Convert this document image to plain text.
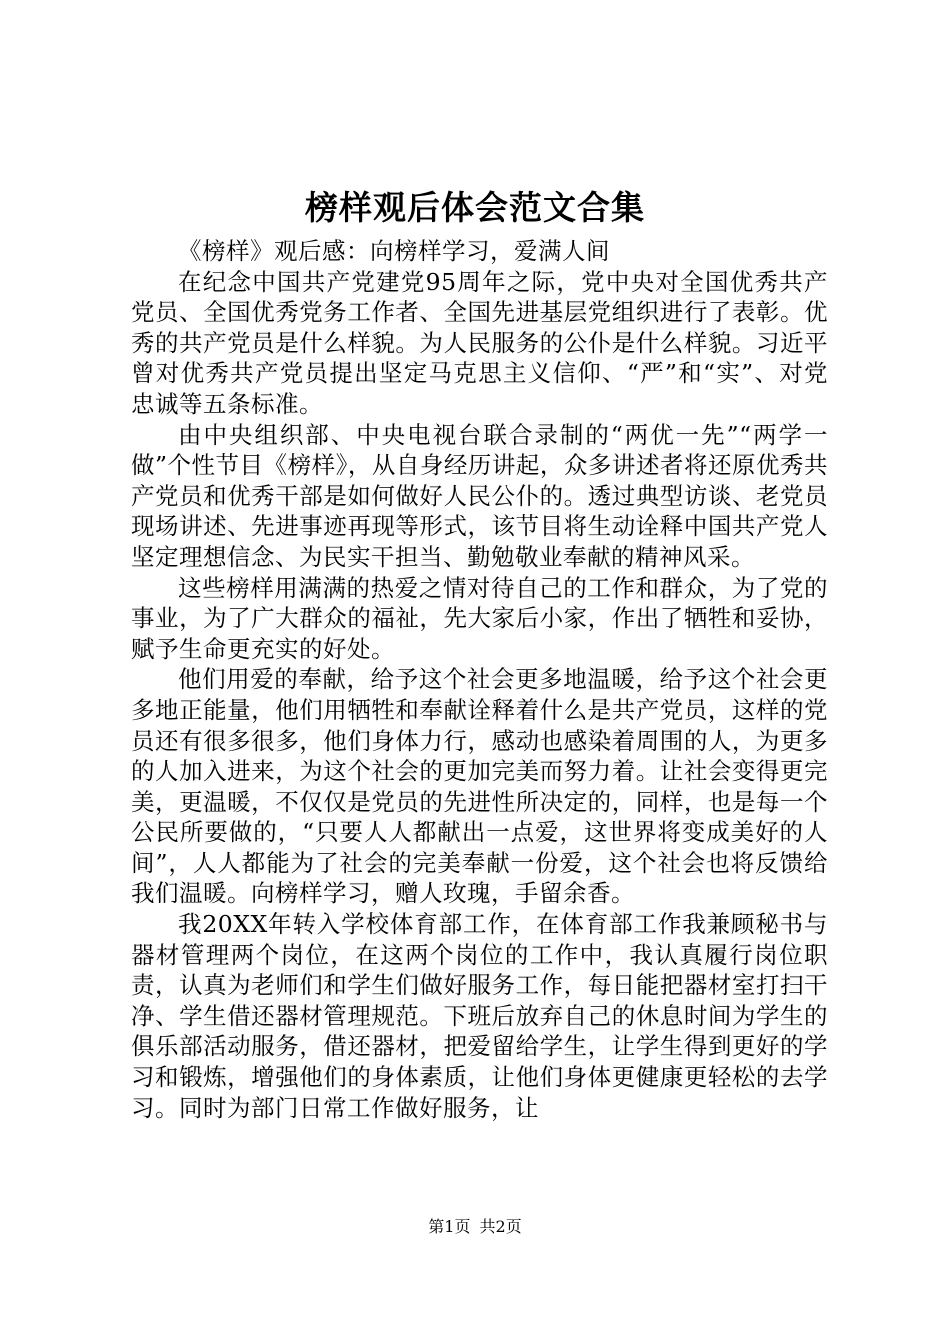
榜样观后体会范文合集

《榜样》观后感：向榜样学习，爱满人间

在纪念中国共产党建党95周年之际，党中央对全国优秀共产党员、全国优秀党务工作者、全国先进基层党组织进行了表彰。优秀的共产党员是什么样貌。为人民服务的公仆是什么样貌。习近平曾对优秀共产党员提出坚定马克思主义信仰、“严”和“实”、对党忠诚等五条标准。

由中央组织部、中央电视台联合录制的“两优一先”“两学一做”个性节目《榜样》，从自身经历讲起，众多讲述者将还原优秀共产党员和优秀干部是如何做好人民公仆的。透过典型访谈、老党员现场讲述、先进事迹再现等形式，该节目将生动诠释中国共产党人坚定理想信念、为民实干担当、勤勉敬业奉献的精神风采。

这些榜样用满满的热爱之情对待自己的工作和群众，为了党的事业，为了广大群众的福祉，先大家后小家，作出了牺牲和妥协，赋予生命更充实的好处。

他们用爱的奉献，给予这个社会更多地温暖，给予这个社会更多地正能量，他们用牺牲和奉献诠释着什么是共产党员，这样的党员还有很多很多，他们身体力行，感动也感染着周围的人，为更多的人加入进来，为这个社会的更加完美而努力着。让社会变得更完美，更温暖，不仅仅是党员的先进性所决定的，同样，也是每一个公民所要做的，“只要人人都献出一点爱，这世界将变成美好的人间”，人人都能为了社会的完美奉献一份爱，这个社会也将反馈给我们温暖。向榜样学习，赠人玫瑰，手留余香。

我20XX年转入学校体育部工作，在体育部工作我兼顾秘书与器材管理两个岗位，在这两个岗位的工作中，我认真履行岗位职责，认真为老师们和学生们做好服务工作，每日能把器材室打扫干净、学生借还器材管理规范。下班后放弃自己的休息时间为学生的俱乐部活动服务，借还器材，把爱留给学生，让学生得到更好的学习和锻炼，增强他们的身体素质，让他们身体更健康更轻松的去学习。同时为部门日常工作做好服务，让

第1页 共2页
